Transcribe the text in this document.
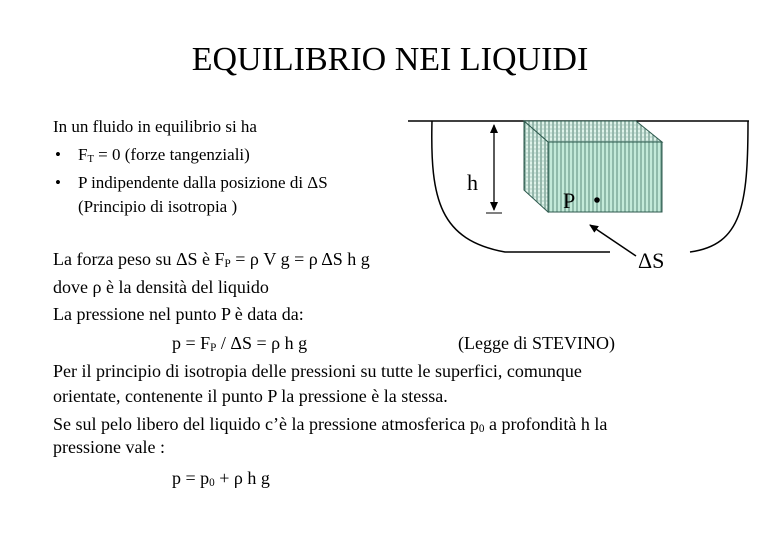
EQUILIBRIO NEI LIQUIDI
In un fluido in equilibrio si ha
• $F_T = 0$ (forze tangenziali)
• P indipendente dalla posizione di ΔS
(Principio di isotropia )
h
P
ΔS
La forza peso su ΔS è $F_P = \rho$ V g = ρ ΔS h g
dove ρ è la densità del liquido
La pressione nel punto P è data da:
$p = F_P / \Delta S = \rho$ h g	(Legge di STEVINO)
Per il principio di isotropia delle pressioni su tutte le superfici, comunque
orientate, contenente il punto P la pressione è la stessa.
Se sul pelo libero del liquido c’è la pressione atmosferica $p_0$ a profondità h la
pressione vale :
$p = p_0 + \rho$ h g
